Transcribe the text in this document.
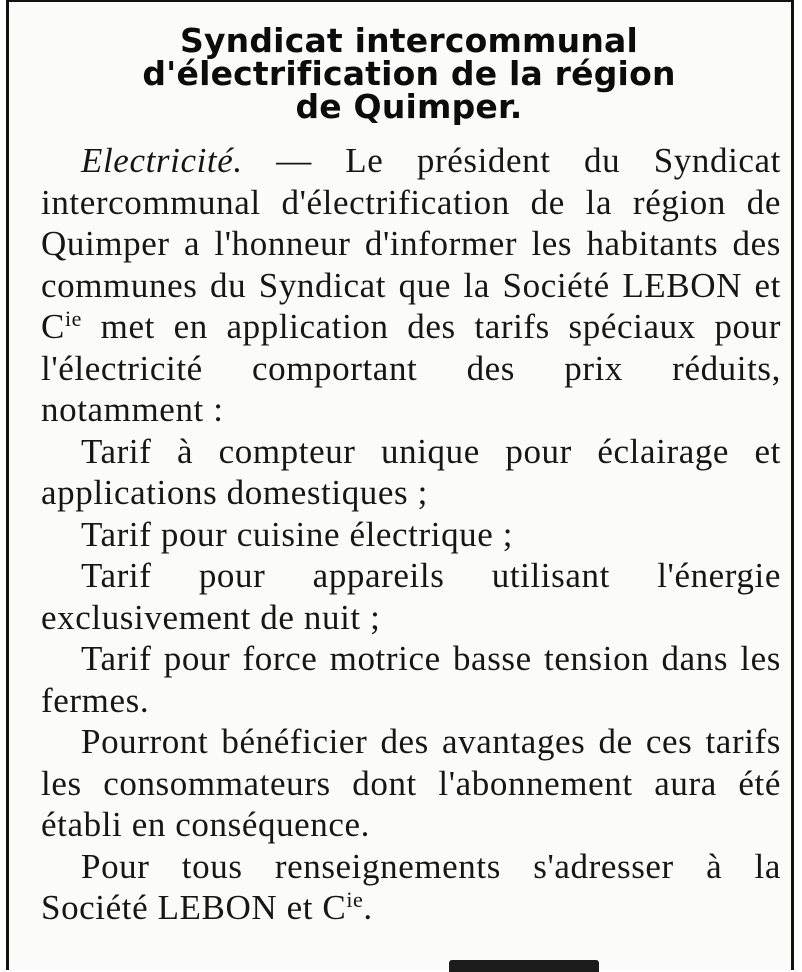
Syndicat intercommunal
d'électrification de la région
de Quimper.

Electricité. — Le président du Syndicat intercommunal d'électrification de la région de Quimper a l'honneur d'informer les habitants des communes du Syndicat que la Société LEBON et $C^{ie}$ met en application des tarifs spéciaux pour l'électricité comportant des prix réduits, notamment :

Tarif à compteur unique pour éclairage et applications domestiques ;

Tarif pour cuisine électrique ;

Tarif pour appareils utilisant l'énergie exclusivement de nuit ;

Tarif pour force motrice basse tension dans les fermes.

Pourront bénéficier des avantages de ces tarifs les consommateurs dont l'abonnement aura été établi en conséquence.

Pour tous renseignements s'adresser à la Société LEBON et $C^{ie}$.
